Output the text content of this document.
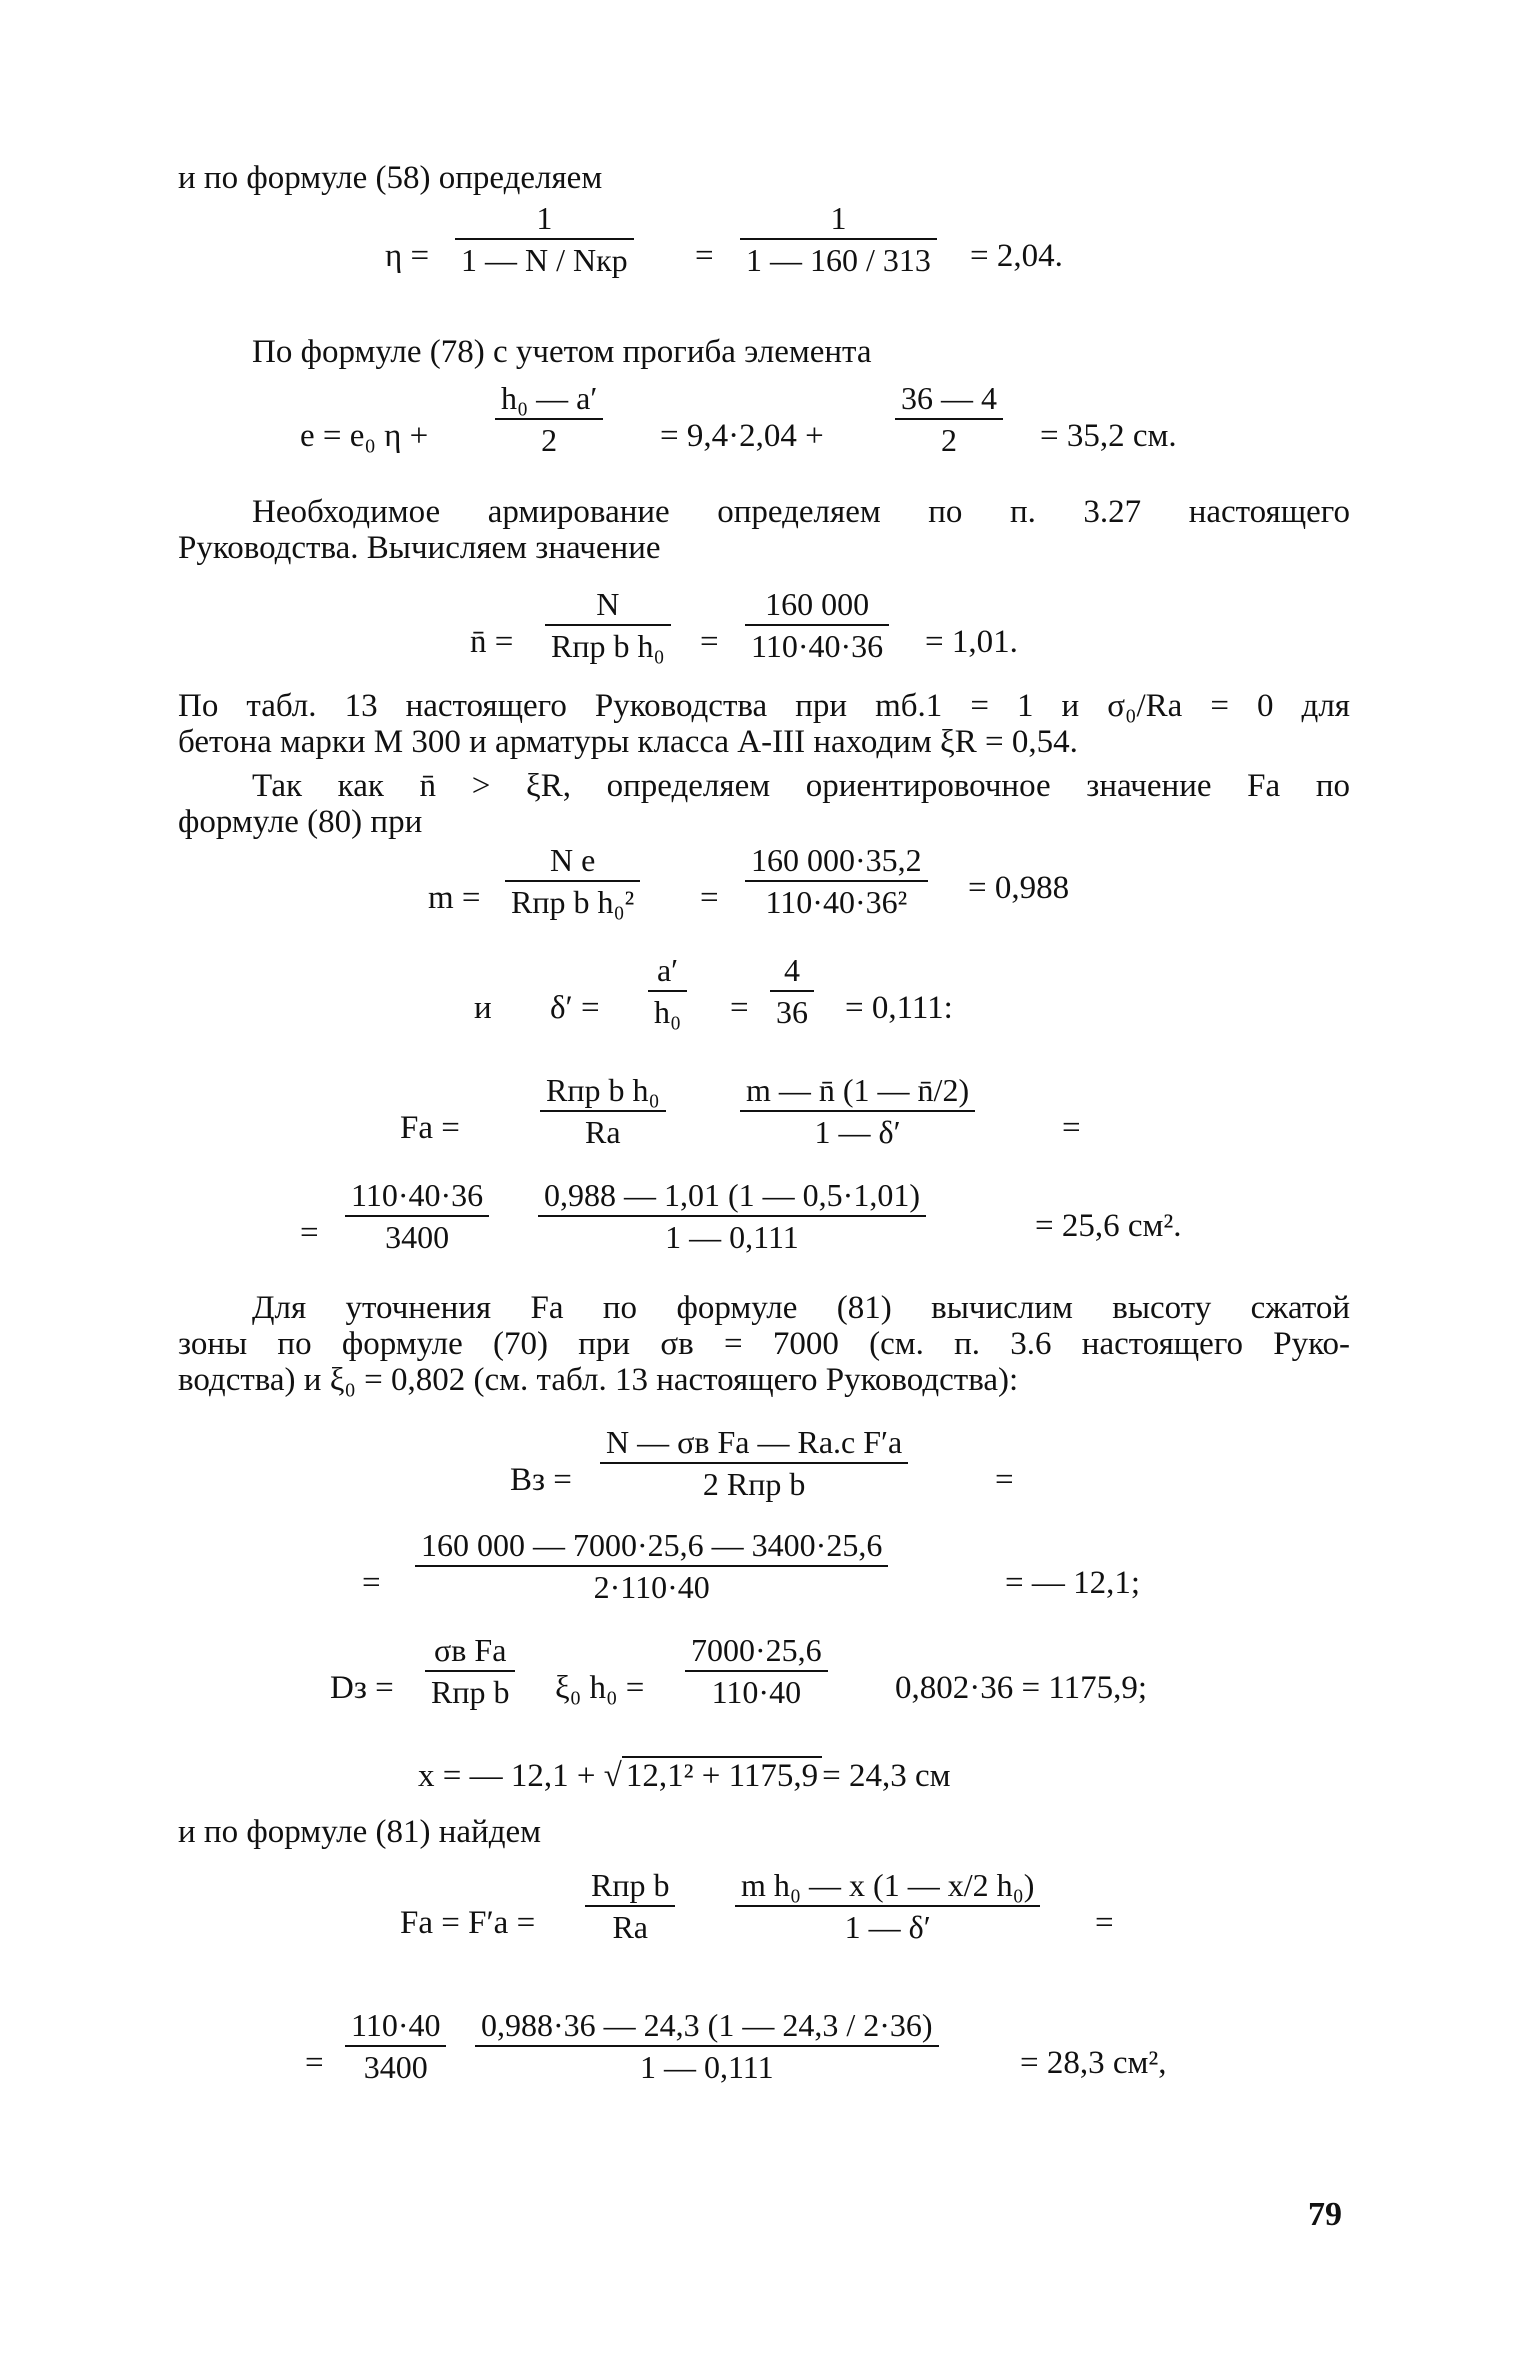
и по формуле (58) определяем
η =
1
1 — N / Nкр =
1
1 — 160 / 313 = 2,04.
По формуле (78) с учетом прогиба элемента
e = e₀ η +
h₀ — a′
2	= 9,4·2,04 +
36 — 4
2	= 35,2 см.
Необходимое армирование определяем по п. 3.27 настоящего
Руководства. Вычисляем значение
n̄ =
N
Rпр b h₀ =
160 000
110·40·36 = 1,01.
По табл. 13 настоящего Руководства при mб.1 = 1 и σ₀/Rа = 0 для
бетона марки М 300 и арматуры класса А-III находим ξR = 0,54.
Так как n̄ > ξR, определяем ориентировочное значение Fа по
формуле (80) при
m =
N e
Rпр b h₀² =
160 000·35,2
110·40·36² = 0,988
и δ′ =
a′
h₀ =
4
36 = 0,111:
Fа =
Rпр b h₀
Rа
m — n̄ (1 — n̄/2)
1 — δ′	=
=
110·40·36
3400
0,988 — 1,01 (1 — 0,5·1,01)
1 — 0,111	= 25,6 см².
Для уточнения Fа по формуле (81) вычислим высоту сжатой
зоны по формуле (70) при σв = 7000 (см. п. 3.6 настоящего Руко-
водства) и ξ₀ = 0,802 (см. табл. 13 настоящего Руководства):
Bз =
N — σв Fа — Rа.с F′а
2 Rпр b	=
=
160 000 — 7000·25,6 — 3400·25,6
2·110·40	= — 12,1;
Dз =
σв Fа
Rпр b ξ₀ h₀ =
7000·25,6
110·40	0,802·36 = 1175,9;
x = — 12,1 + √ 12,1² + 1175,9 = 24,3 см
и по формуле (81) найдем
Fа = F′а =
Rпр b
Rа
m h₀ — x (1 — x/2 h₀)
1 — δ′	=
=
110·40
3400
0,988·36 — 24,3 (1 — 24,3 / 2·36)
1 — 0,111	= 28,3 см²,
79
